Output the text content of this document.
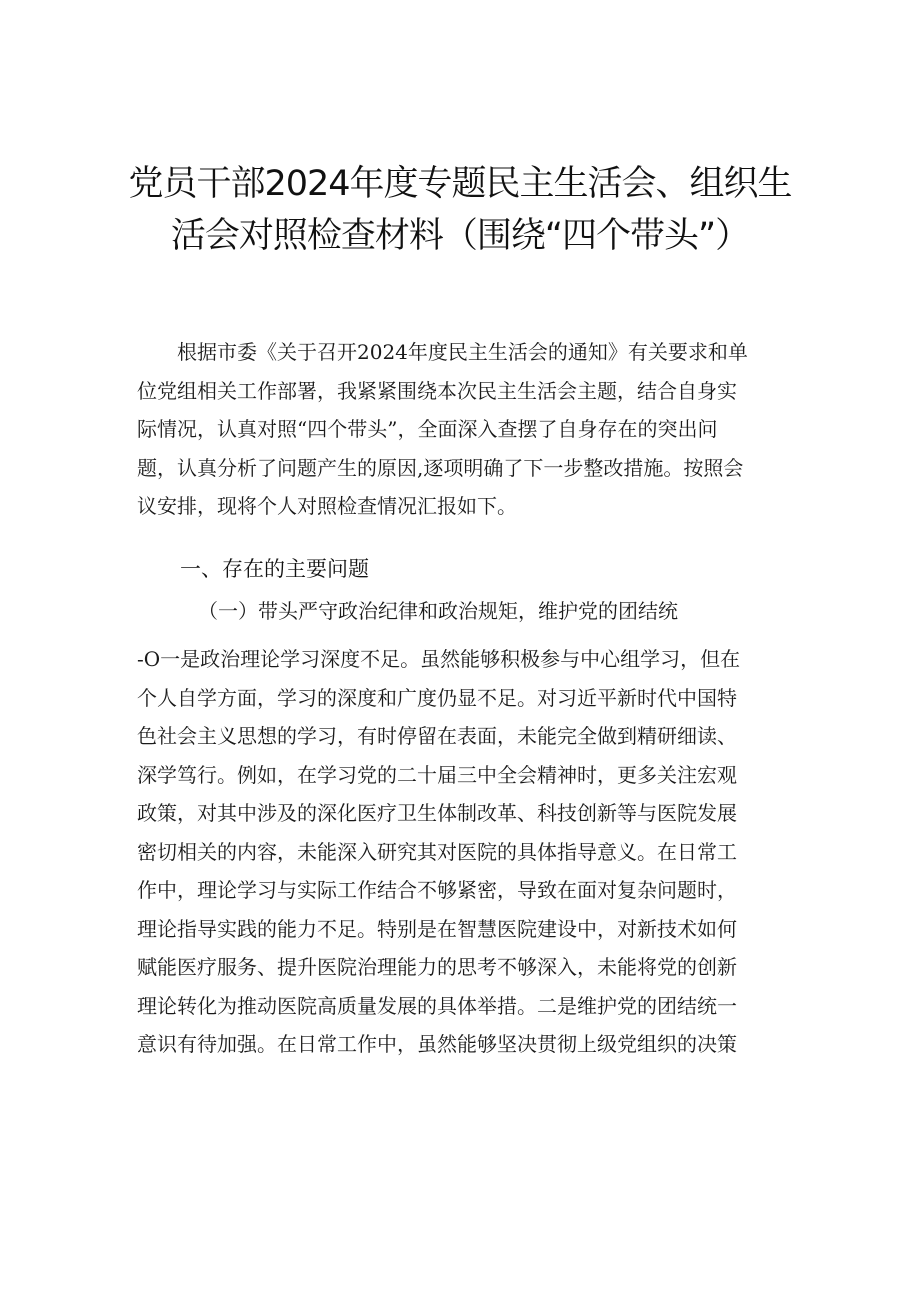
党员干部2024年度专题民主生活会、组织生
活会对照检查材料（围绕“四个带头”）
　　根据市委《关于召开2024年度民主生活会的通知》有关要求和单
位党组相关工作部署，我紧紧围绕本次民主生活会主题，结合自身实
际情况，认真对照“四个带头”，全面深入查摆了自身存在的突出问
题，认真分析了问题产生的原因,逐项明确了下一步整改措施。按照会
议安排，现将个人对照检查情况汇报如下。
一、存在的主要问题
（一）带头严守政治纪律和政治规矩，维护党的团结统
-O一是政治理论学习深度不足。虽然能够积极参与中心组学习，但在
个人自学方面，学习的深度和广度仍显不足。对习近平新时代中国特
色社会主义思想的学习，有时停留在表面，未能完全做到精研细读、
深学笃行。例如，在学习党的二十届三中全会精神时，更多关注宏观
政策，对其中涉及的深化医疗卫生体制改革、科技创新等与医院发展
密切相关的内容，未能深入研究其对医院的具体指导意义。在日常工
作中，理论学习与实际工作结合不够紧密，导致在面对复杂问题时，
理论指导实践的能力不足。特别是在智慧医院建设中，对新技术如何
赋能医疗服务、提升医院治理能力的思考不够深入，未能将党的创新
理论转化为推动医院高质量发展的具体举措。二是维护党的团结统一
意识有待加强。在日常工作中，虽然能够坚决贯彻上级党组织的决策
